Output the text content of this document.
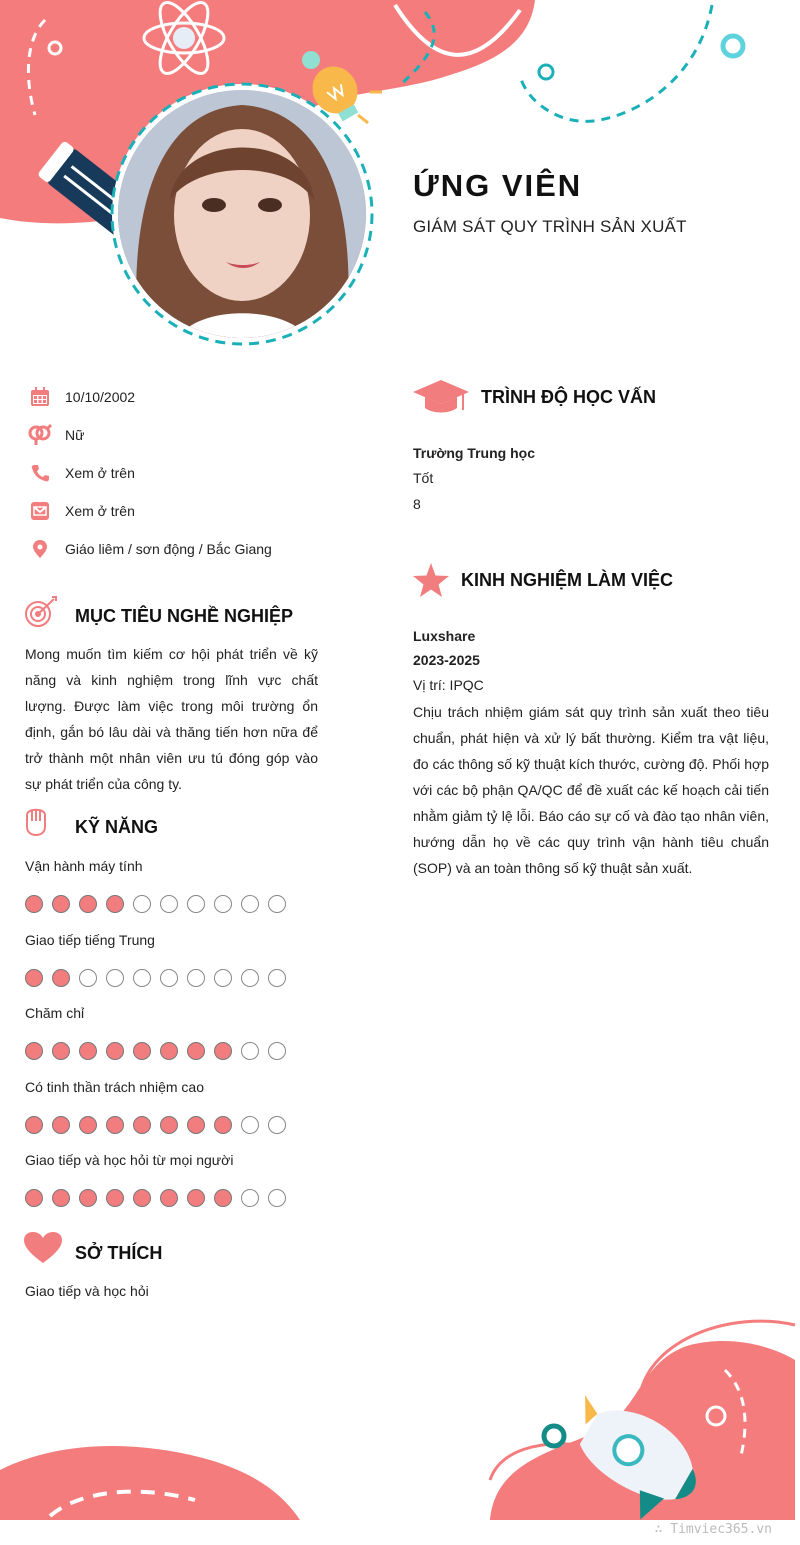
ỨNG VIÊN
GIÁM SÁT QUY TRÌNH SẢN XUẤT
10/10/2002
Nữ
Xem ở trên
Xem ở trên
Giáo liêm / sơn động / Bắc Giang
MỤC TIÊU NGHỀ NGHIỆP
Mong muốn tìm kiếm cơ hội phát triển về kỹ năng và kinh nghiệm trong lĩnh vực chất lượng. Được làm việc trong môi trường ổn định, gắn bó lâu dài và thăng tiến hơn nữa để trở thành một nhân viên ưu tú đóng góp vào sự phát triển của công ty.
KỸ NĂNG
Vận hành máy tính
Giao tiếp tiếng Trung
Chăm chỉ
Có tinh thần trách nhiệm cao
Giao tiếp và học hỏi từ mọi người
SỞ THÍCH
Giao tiếp và học hỏi
TRÌNH ĐỘ HỌC VẤN
Trường Trung học
Tốt
8
KINH NGHIỆM LÀM VIỆC
Luxshare
2023-2025
Vị trí: IPQC
Chịu trách nhiệm giám sát quy trình sản xuất theo tiêu chuẩn, phát hiện và xử lý bất thường. Kiểm tra vật liệu, đo các thông số kỹ thuật kích thước, cường độ. Phối hợp với các bộ phận QA/QC để đề xuất các kế hoạch cải tiến nhằm giảm tỷ lệ lỗi. Báo cáo sự cố và đào tạo nhân viên, hướng dẫn họ về các quy trình vận hành tiêu chuẩn (SOP) và an toàn thông số kỹ thuật sản xuất.
∴ Timviec365.vn
